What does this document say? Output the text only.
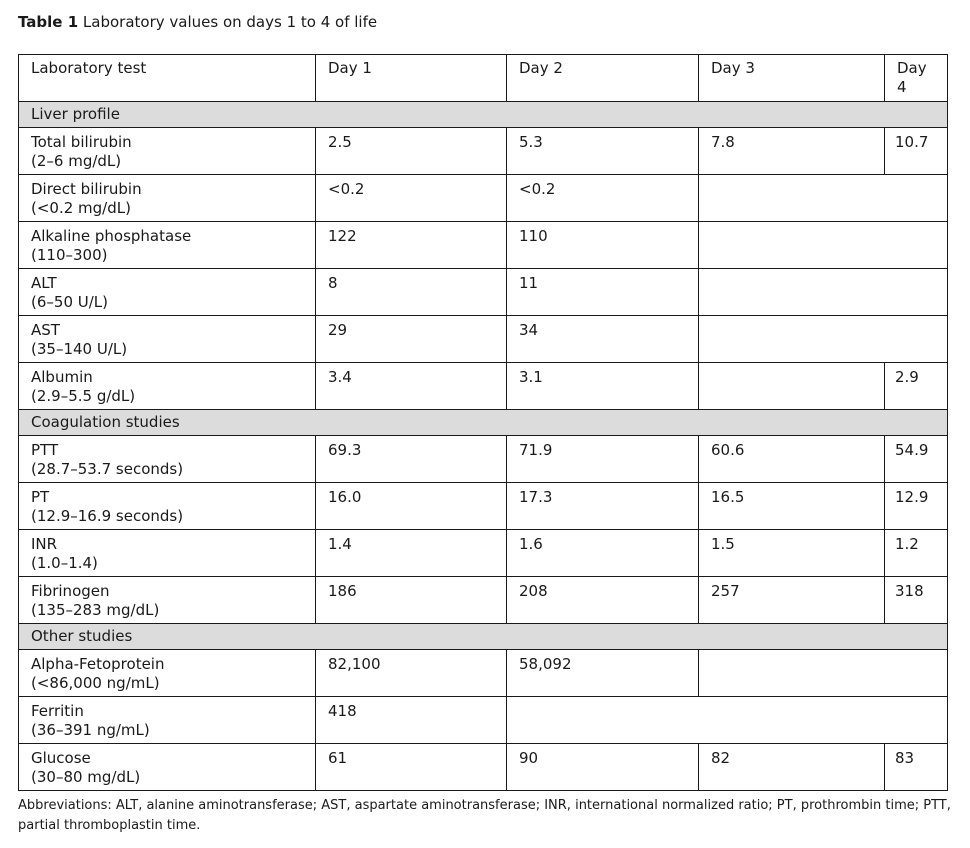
Table 1 Laboratory values on days 1 to 4 of life
Laboratory test	Day 1	Day 2	Day 3	Day 4
Liver profile				
Total bilirubin
(2–6 mg/dL)	2.5	5.3	7.8	10.7
Direct bilirubin
(<0.2 mg/dL)	<0.2	<0.2		
Alkaline phosphatase
(110–300)	122	110		
ALT
(6–50 U/L)	8	11		
AST
(35–140 U/L)	29	34		
Albumin
(2.9–5.5 g/dL)	3.4	3.1		2.9
Coagulation studies				
PTT
(28.7–53.7 seconds)	69.3	71.9	60.6	54.9
PT
(12.9–16.9 seconds)	16.0	17.3	16.5	12.9
INR
(1.0–1.4)	1.4	1.6	1.5	1.2
Fibrinogen
(135–283 mg/dL)	186	208	257	318
Other studies				
Alpha-Fetoprotein
(<86,000 ng/mL)	82,100	58,092		
Ferritin
(36–391 ng/mL)	418			
Glucose
(30–80 mg/dL)	61	90	82	83
Abbreviations: ALT, alanine aminotransferase; AST, aspartate aminotransferase; INR, international normalized ratio; PT, prothrombin time; PTT,
partial thromboplastin time.
